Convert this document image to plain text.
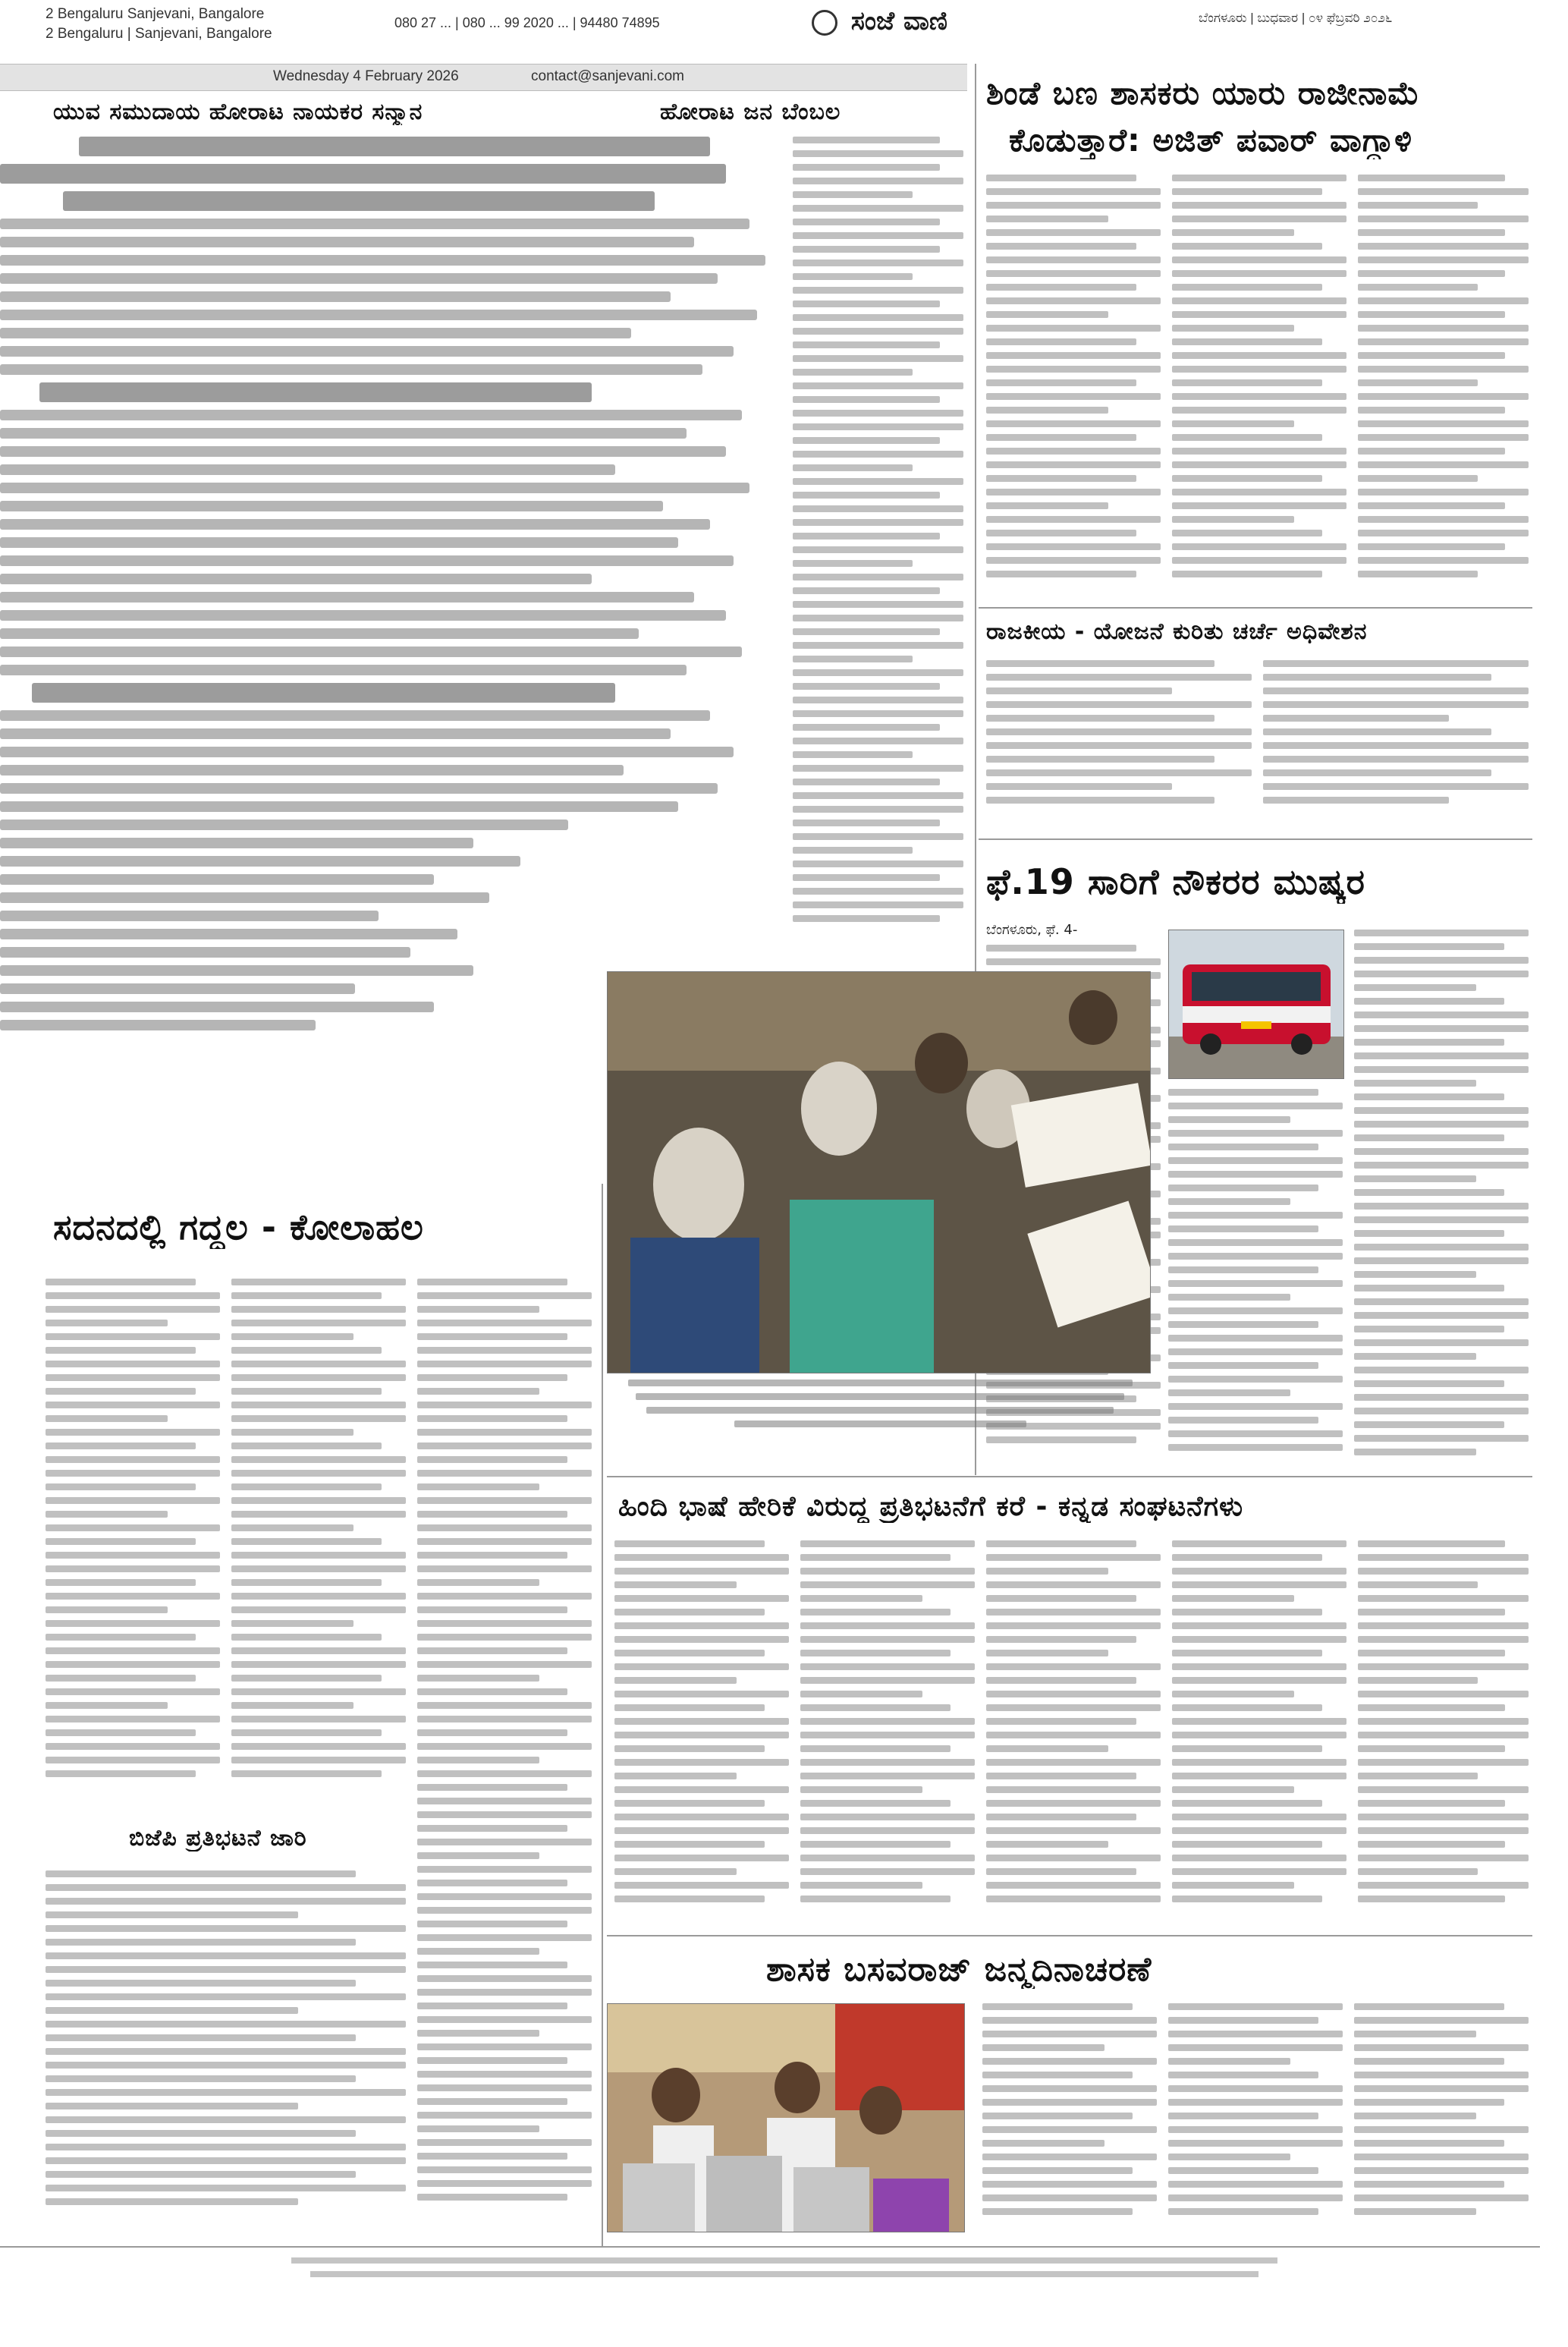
2 Bengaluru Sanjevani, Bangalore
2 Bengaluru | Sanjevani, Bangalore
080 27 ... | 080 ... 99 2020 ... | 94480 74895	ಸಂಜೆ ವಾಣಿ	ಬೆಂಗಳೂರು | ಬುಧವಾರ | ೦೪ ಫೆಬ್ರವರಿ ೨೦೨೬
Wednesday 4 February 2026	contact@sanjevani.com
ಯುವ ಸಮುದಾಯ ಹೋರಾಟ ನಾಯಕರ ಸನ್ಮಾನ	ಹೋರಾಟ ಜನ ಬೆಂಬಲ
ಶಿಂಡೆ ಬಣ ಶಾಸಕರು ಯಾರು ರಾಜೀನಾಮೆ
ಕೊಡುತ್ತಾರೆ: ಅಜಿತ್ ಪವಾರ್ ವಾಗ್ದಾಳಿ
ರಾಜಕೀಯ - ಯೋಜನೆ ಕುರಿತು ಚರ್ಚೆ ಅಧಿವೇಶನ
ಫೆ.19 ಸಾರಿಗೆ ನೌಕರರ ಮುಷ್ಕರ
ಬೆಂಗಳೂರು, ಫೆ. 4-
ಸದನದಲ್ಲಿ ಗದ್ದಲ - ಕೋಲಾಹಲ
ಬಿಜೆಪಿ ಪ್ರತಿಭಟನೆ ಜಾರಿ
ಹಿಂದಿ ಭಾಷೆ ಹೇರಿಕೆ ವಿರುದ್ಧ ಪ್ರತಿಭಟನೆಗೆ ಕರೆ - ಕನ್ನಡ ಸಂಘಟನೆಗಳು
ಶಾಸಕ ಬಸವರಾಜ್ ಜನ್ಮದಿನಾಚರಣೆ
